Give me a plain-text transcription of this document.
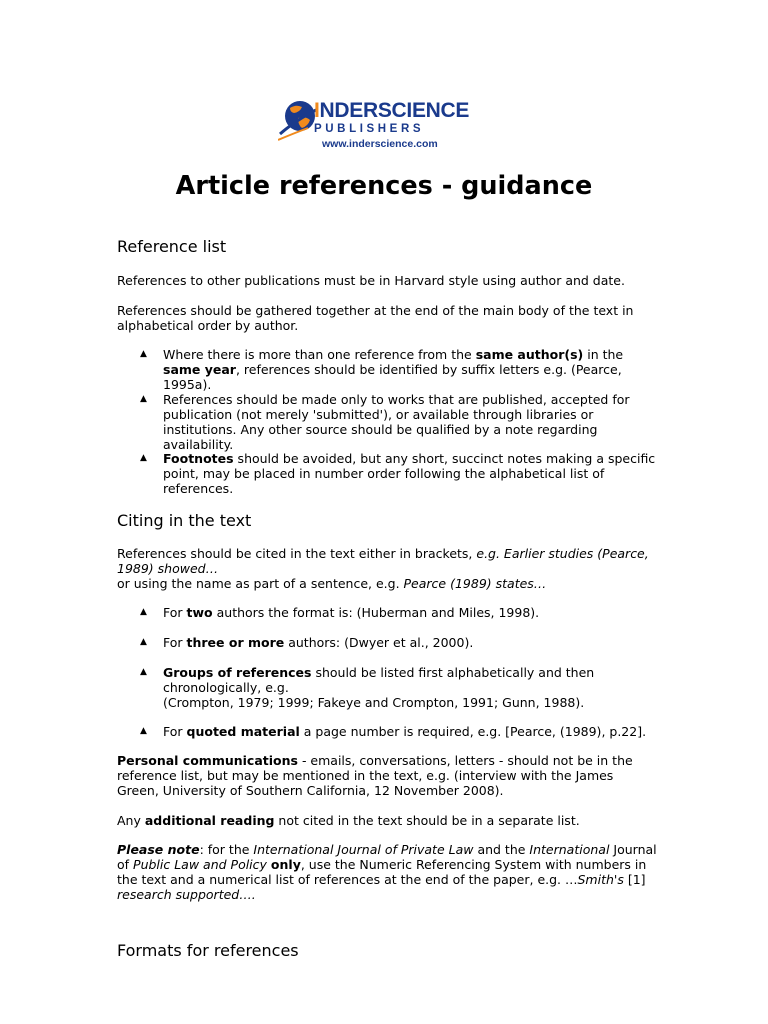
INDERSCIENCE
PUBLISHERS
www.inderscience.com
Article references - guidance
Reference list

References to other publications must be in Harvard style using author and date.

References should be gathered together at the end of the main body of the text in alphabetical order by author.

▲ Where there is more than one reference from the same author(s) in the same year, references should be identified by suffix letters e.g. (Pearce, 1995a).
▲ References should be made only to works that are published, accepted for publication (not merely 'submitted'), or available through libraries or institutions. Any other source should be qualified by a note regarding availability.
▲ Footnotes should be avoided, but any short, succinct notes making a specific point, may be placed in number order following the alphabetical list of references.
Citing in the text

References should be cited in the text either in brackets, e.g. Earlier studies (Pearce, 1989) showed…
or using the name as part of a sentence, e.g. Pearce (1989) states…

▲ For two authors the format is: (Huberman and Miles, 1998).
▲ For three or more authors: (Dwyer et al., 2000).
▲ Groups of references should be listed first alphabetically and then chronologically, e.g.
(Crompton, 1979; 1999; Fakeye and Crompton, 1991; Gunn, 1988).
▲ For quoted material a page number is required, e.g. [Pearce, (1989), p.22].

Personal communications - emails, conversations, letters - should not be in the reference list, but may be mentioned in the text, e.g. (interview with the James Green, University of Southern California, 12 November 2008).

Any additional reading not cited in the text should be in a separate list.

Please note: for the International Journal of Private Law and the International Journal of Public Law and Policy only, use the Numeric Referencing System with numbers in the text and a numerical list of references at the end of the paper, e.g. …Smith's [1] research supported….

Formats for references
